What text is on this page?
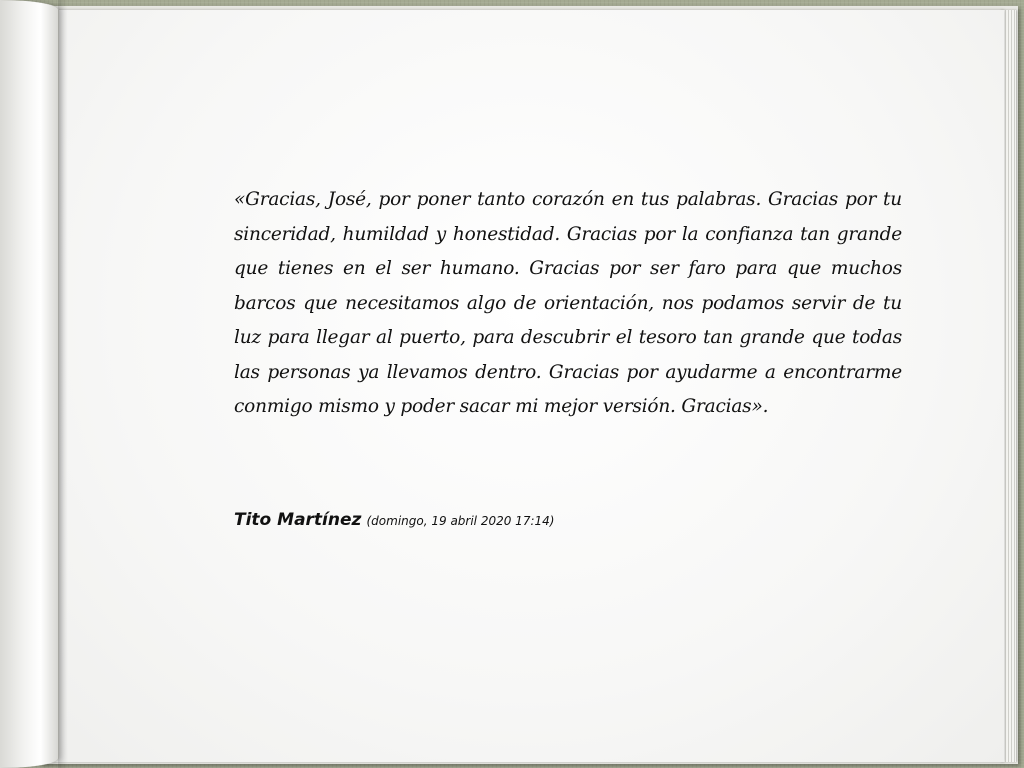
«Gracias, José, por poner tanto corazón en tus palabras. Gracias por tu sinceridad, humildad y honestidad. Gracias por la confianza tan grande que tienes en el ser humano. Gracias por ser faro para que muchos barcos que necesitamos algo de orientación, nos podamos servir de tu luz para llegar al puerto, para descubrir el tesoro tan grande que todas las personas ya llevamos dentro. Gracias por ayudarme a encontrarme conmigo mismo y poder sacar mi mejor versión. Gracias».

Tito Martínez (domingo, 19 abril 2020 17:14)
